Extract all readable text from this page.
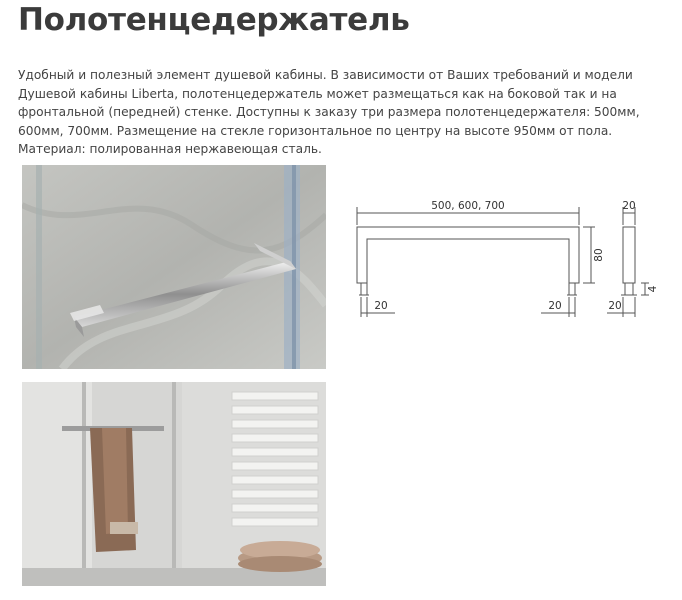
Полотенцедержатель

Удобный и полезный элемент душевой кабины. В зависимости от Ваших требований и модели Душевой кабины Liberta, полотенцедержатель может размещаться как на боковой так и на фронтальной (передней) стенке. Доступны к заказу три размера полотенцедержателя: 500мм, 600мм, 700мм. Размещение на стекле горизонтальное по центру на высоте 950мм от пола. Материал: полированная нержавеющая сталь.

500, 600, 700
80
20	20
20
20
4
